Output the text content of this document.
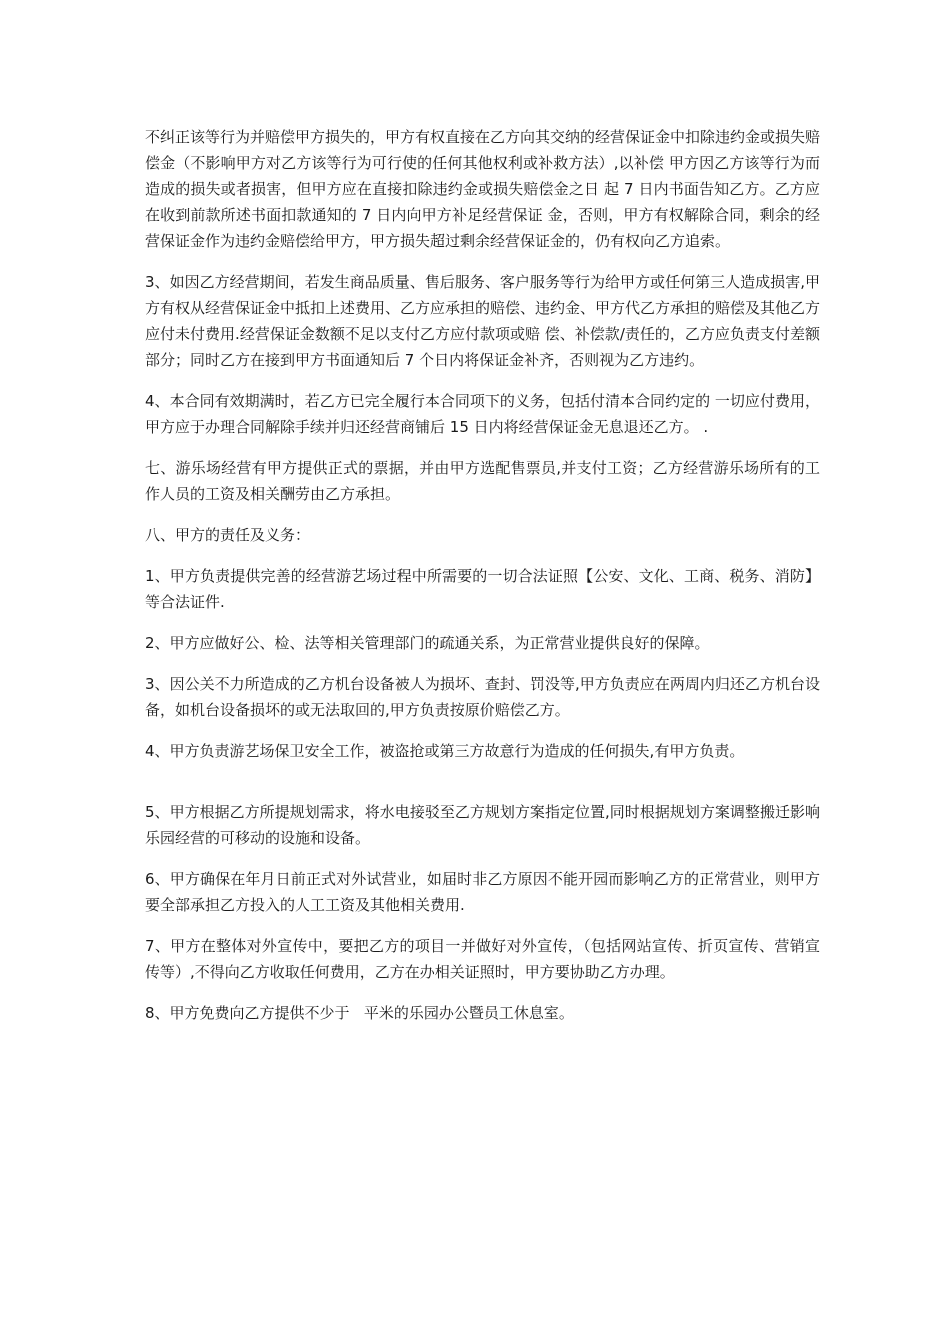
不纠正该等行为并赔偿甲方损失的，甲方有权直接在乙方向其交纳的经营保证金中扣除违约金或损失赔偿金（不影响甲方对乙方该等行为可行使的任何其他权利或补救方法）,以补偿 甲方因乙方该等行为而造成的损失或者损害，但甲方应在直接扣除违约金或损失赔偿金之日 起 7 日内书面告知乙方。乙方应在收到前款所述书面扣款通知的 7 日内向甲方补足经营保证 金，否则，甲方有权解除合同，剩余的经营保证金作为违约金赔偿给甲方，甲方损失超过剩余经营保证金的，仍有权向乙方追索。

3、如因乙方经营期间，若发生商品质量、售后服务、客户服务等行为给甲方或任何第三人造成损害,甲方有权从经营保证金中抵扣上述费用、乙方应承担的赔偿、违约金、甲方代乙方承担的赔偿及其他乙方应付未付费用.经营保证金数额不足以支付乙方应付款项或赔 偿、补偿款/责任的，乙方应负责支付差额部分；同时乙方在接到甲方书面通知后 7 个日内将保证金补齐，否则视为乙方违约。

4、本合同有效期满时，若乙方已完全履行本合同项下的义务，包括付清本合同约定的 一切应付费用，甲方应于办理合同解除手续并归还经营商铺后 15 日内将经营保证金无息退还乙方。 .

七、游乐场经营有甲方提供正式的票据，并由甲方选配售票员,并支付工资；乙方经营游乐场所有的工作人员的工资及相关酬劳由乙方承担。

八、甲方的责任及义务：

1、甲方负责提供完善的经营游艺场过程中所需要的一切合法证照【公安、文化、工商、税务、消防】等合法证件.

2、甲方应做好公、检、法等相关管理部门的疏通关系，为正常营业提供良好的保障。

3、因公关不力所造成的乙方机台设备被人为损坏、查封、罚没等,甲方负责应在两周内归还乙方机台设备，如机台设备损坏的或无法取回的,甲方负责按原价赔偿乙方。

4、甲方负责游艺场保卫安全工作，被盗抢或第三方故意行为造成的任何损失,有甲方负责。

5、甲方根据乙方所提规划需求，将水电接驳至乙方规划方案指定位置,同时根据规划方案调整搬迁影响乐园经营的可移动的设施和设备。

6、甲方确保在年月日前正式对外试营业，如届时非乙方原因不能开园而影响乙方的正常营业，则甲方要全部承担乙方投入的人工工资及其他相关费用.

7、甲方在整体对外宣传中，要把乙方的项目一并做好对外宣传，（包括网站宣传、折页宣传、营销宣传等）,不得向乙方收取任何费用，乙方在办相关证照时，甲方要协助乙方办理。

8、甲方免费向乙方提供不少于   平米的乐园办公暨员工休息室。
